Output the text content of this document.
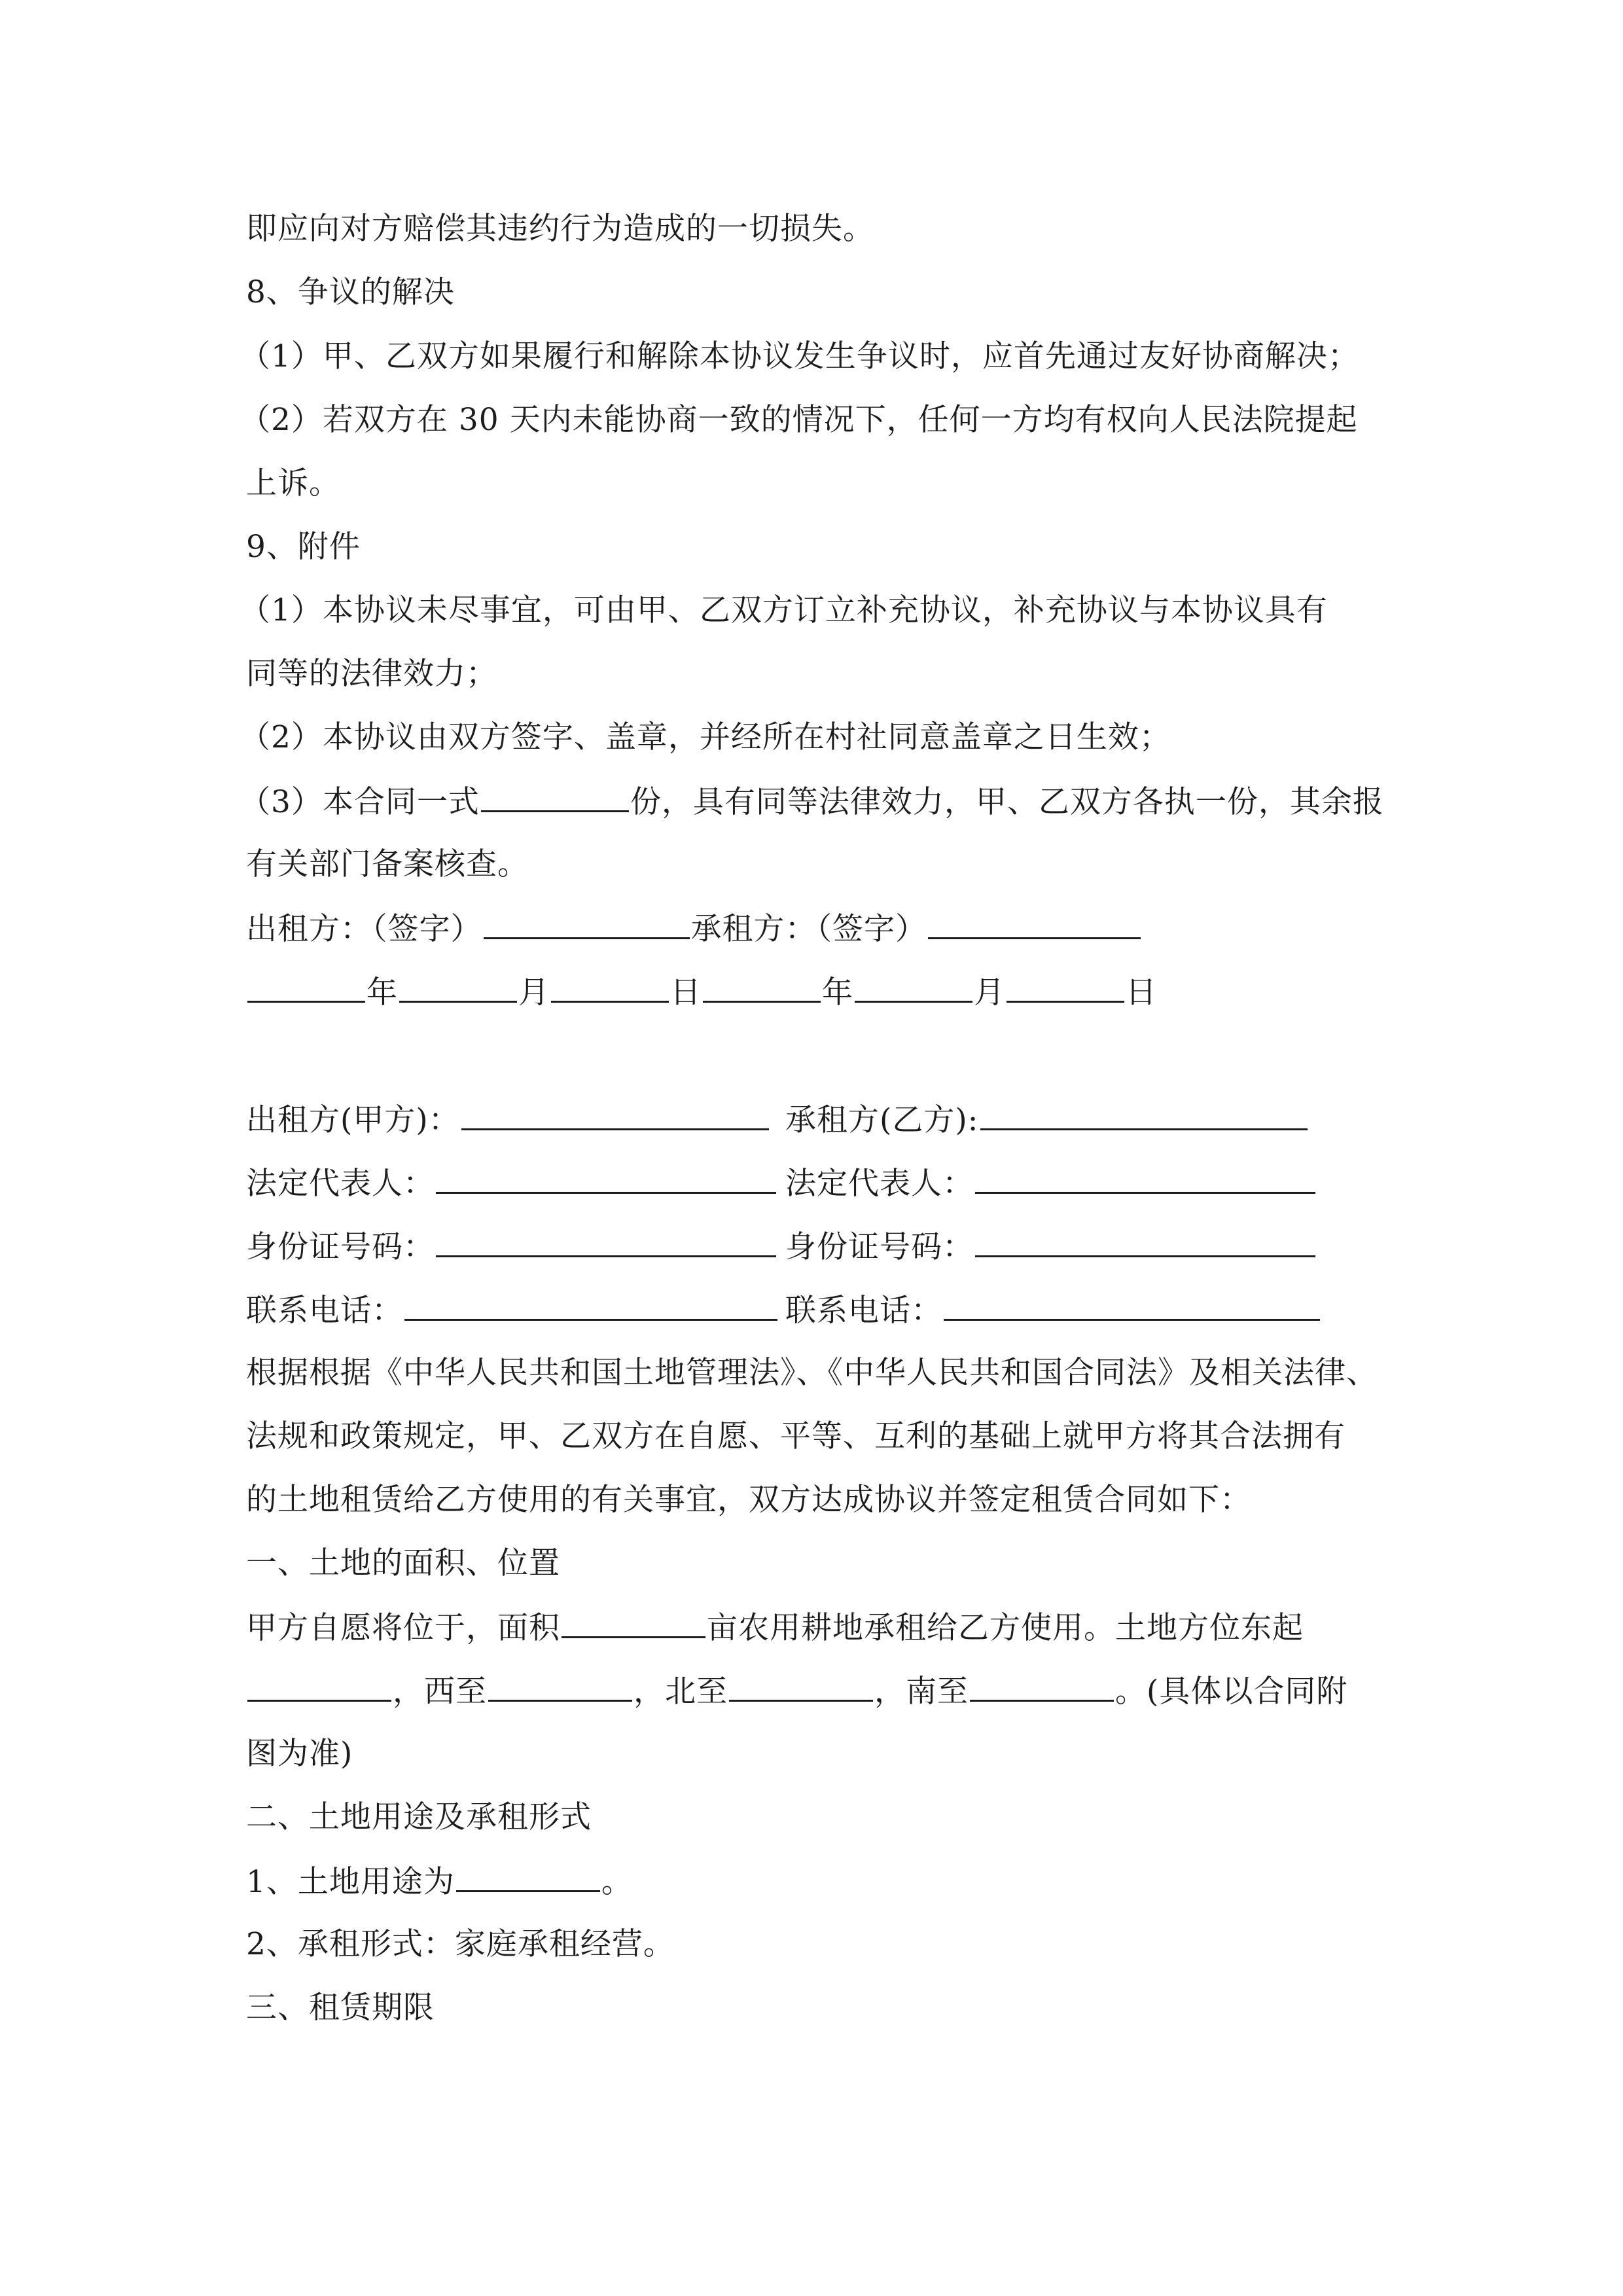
即应向对方赔偿其违约行为造成的一切损失。
8、争议的解决
（1）甲、乙双方如果履行和解除本协议发生争议时，应首先通过友好协商解决；
（2）若双方在 30 天内未能协商一致的情况下，任何一方均有权向人民法院提起
上诉。
9、附件
（1）本协议未尽事宜，可由甲、乙双方订立补充协议，补充协议与本协议具有
同等的法律效力；
（2）本协议由双方签字、盖章，并经所在村社同意盖章之日生效；
（3）本合同一式	份，具有同等法律效力，甲、乙双方各执一份，其余报
有关部门备案核查。
出租方：（签字）	承租方：（签字）
年	月	日	年	月	日
出租方(甲方)：	承租方(乙方):
法定代表人：	法定代表人：
身份证号码：	身份证号码：
联系电话：	联系电话：
根据根据《中华人民共和国土地管理法》、《中华人民共和国合同法》及相关法律、
法规和政策规定，甲、乙双方在自愿、平等、互利的基础上就甲方将其合法拥有
的土地租赁给乙方使用的有关事宜，双方达成协议并签定租赁合同如下：
一、土地的面积、位置
甲方自愿将位于，面积	亩农用耕地承租给乙方使用。土地方位东起
，西至	，北至	，南至	。(具体以合同附
图为准)
二、土地用途及承租形式
1、土地用途为	。
2、承租形式：家庭承租经营。
三、租赁期限
